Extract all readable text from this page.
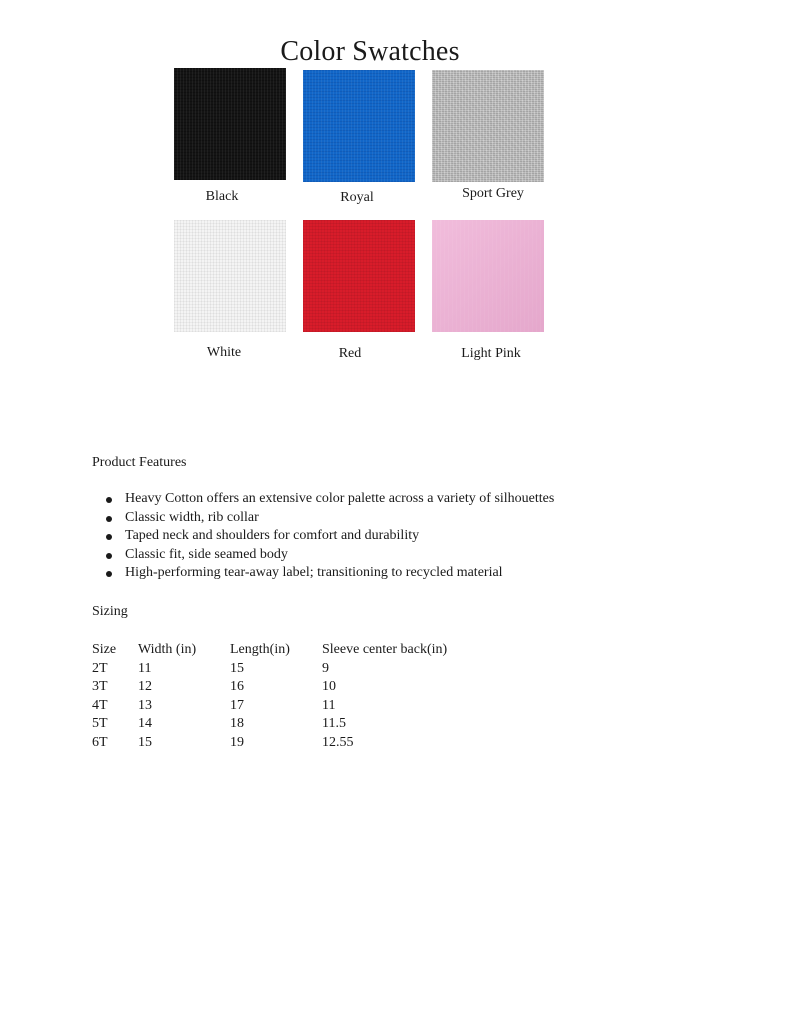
Color Swatches
Black	Royal	Sport Grey
White	Red	Light Pink
Product Features
Heavy Cotton offers an extensive color palette across a variety of silhouettes
Classic width, rib collar
Taped neck and shoulders for comfort and durability
Classic fit, side seamed body
High-performing tear-away label; transitioning to recycled material
Sizing
Size	Width (in)	Length(in)	Sleeve center back(in)
2T	11	15	9
3T	12	16	10
4T	13	17	11
5T	14	18	11.5
6T	15	19	12.55
